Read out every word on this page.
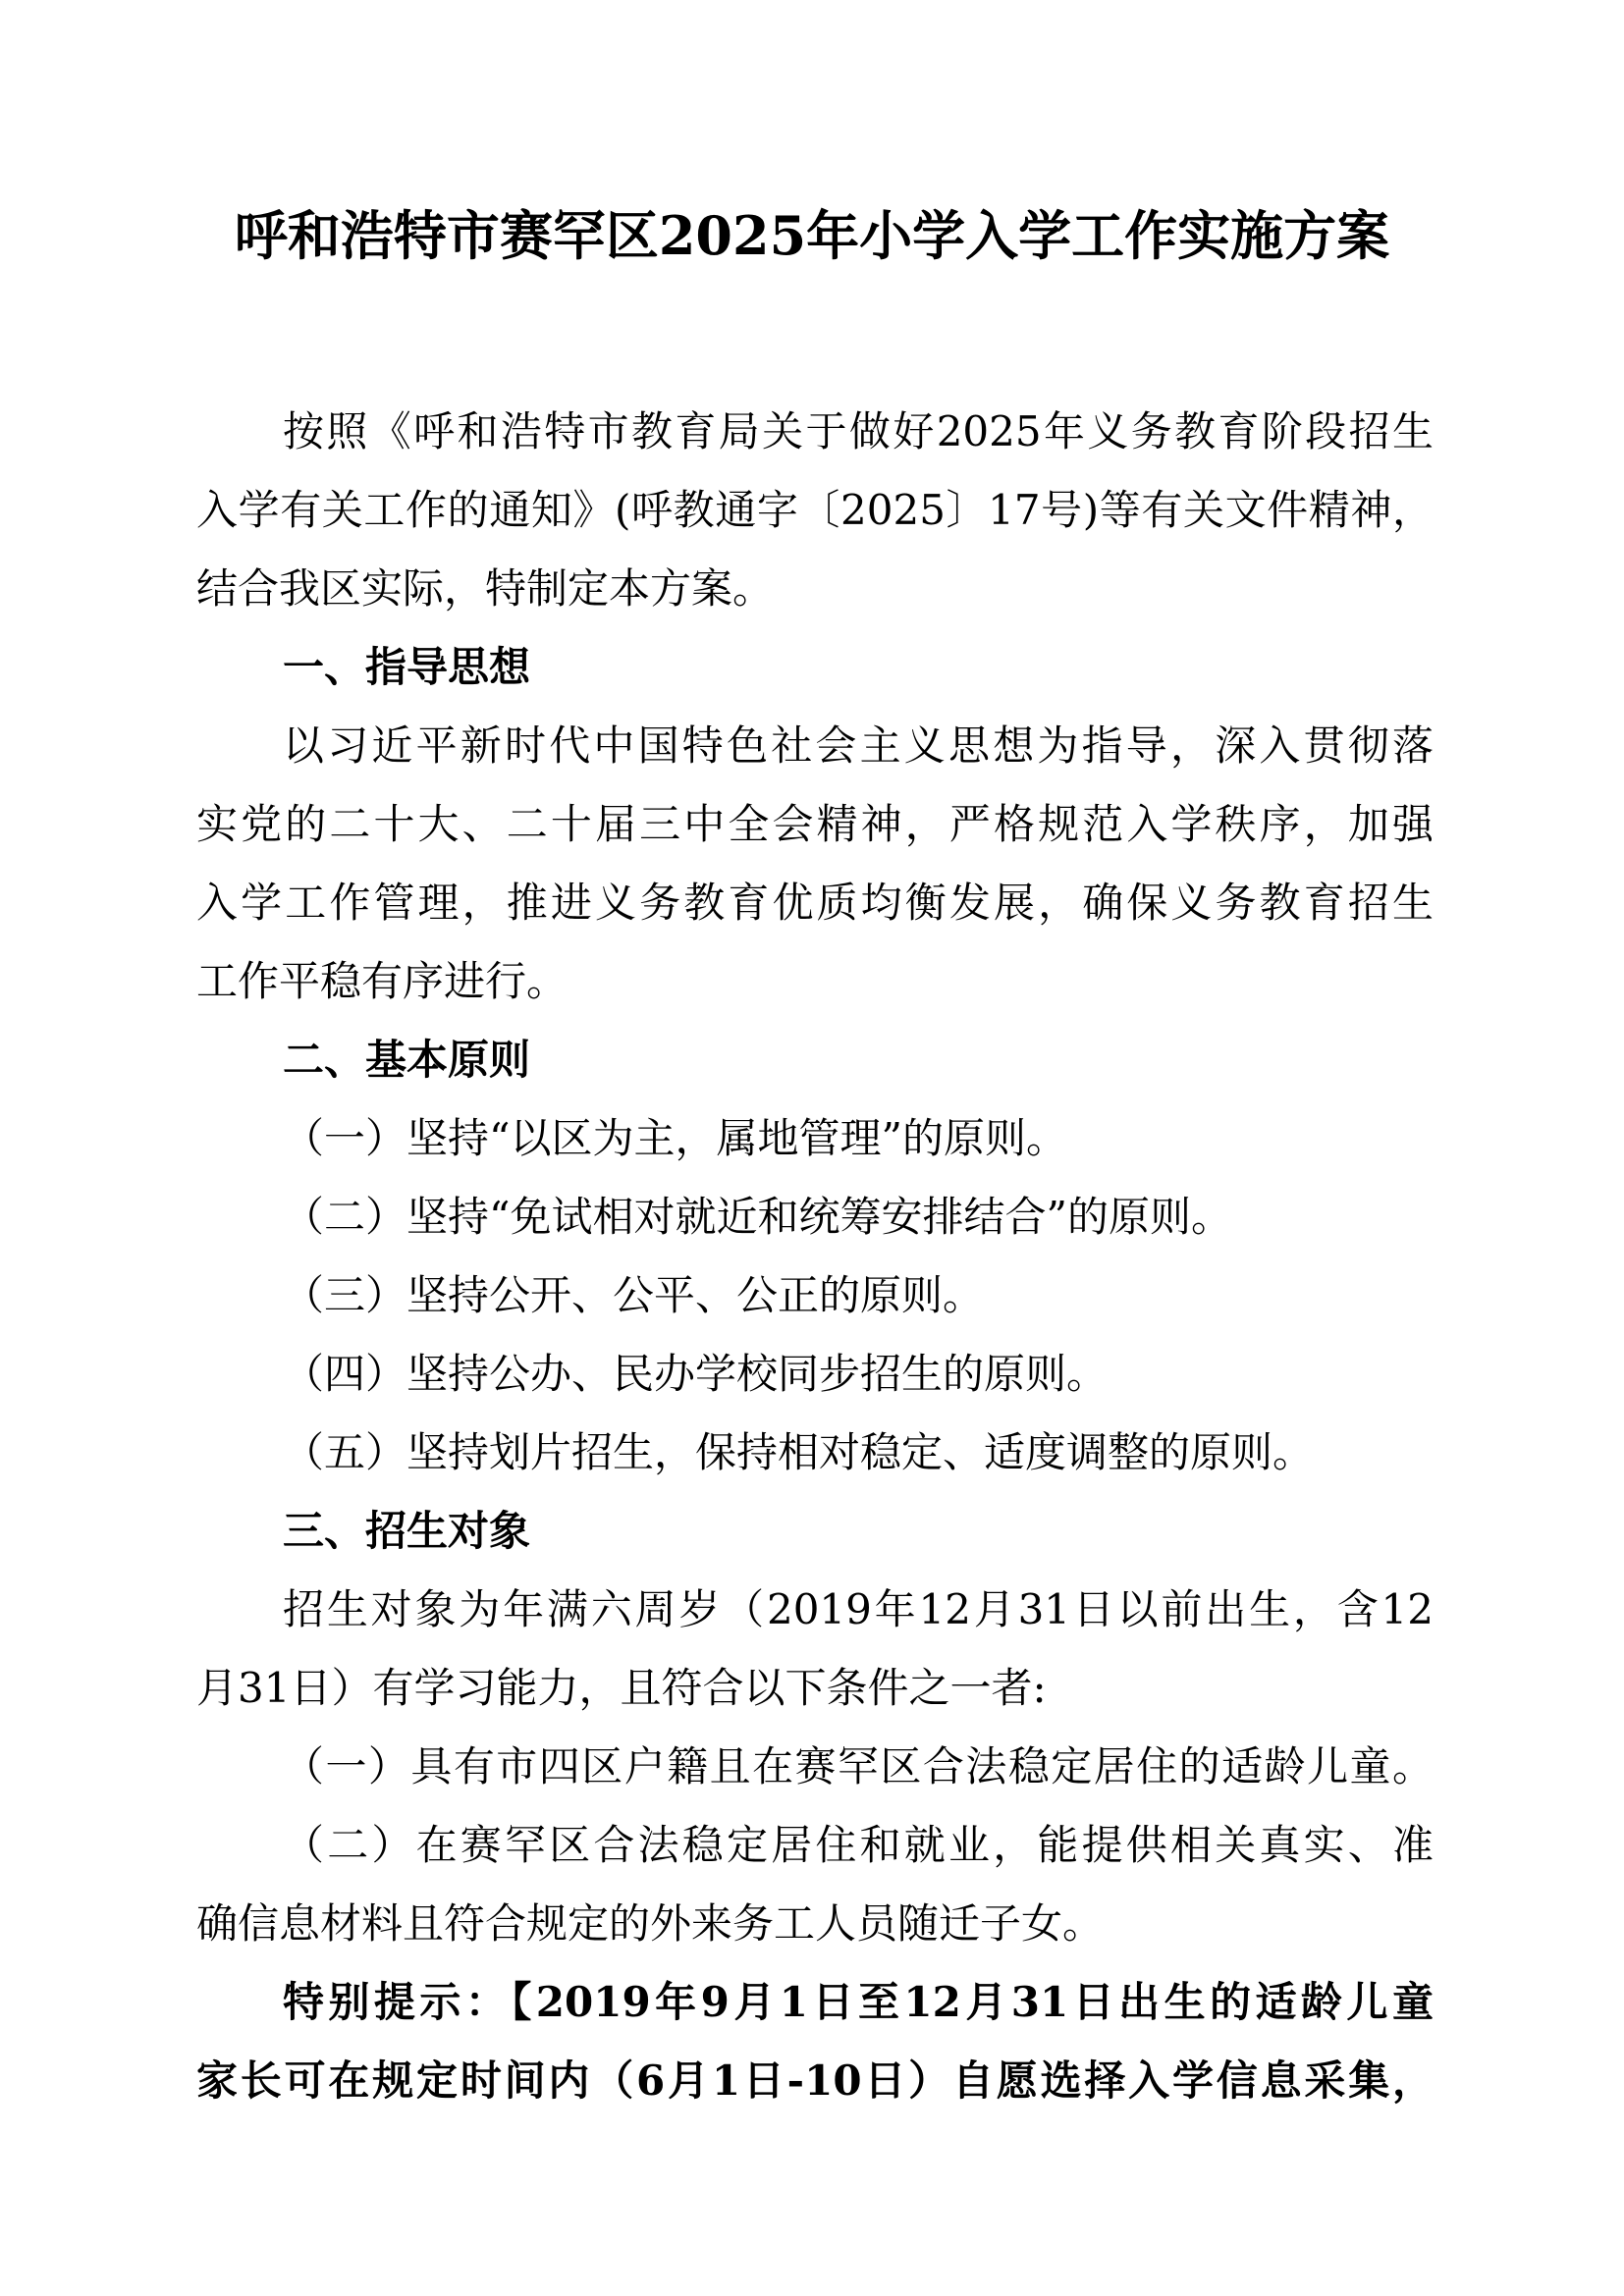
呼和浩特市赛罕区2025年小学入学工作实施方案
按照《呼和浩特市教育局关于做好2025年义务教育阶段招生
入学有关工作的通知》(呼教通字〔2025〕17号)等有关文件精神，
结合我区实际，特制定本方案。
一、指导思想
以习近平新时代中国特色社会主义思想为指导，深入贯彻落
实党的二十大、二十届三中全会精神，严格规范入学秩序，加强
入学工作管理，推进义务教育优质均衡发展，确保义务教育招生
工作平稳有序进行。
二、基本原则
（一）坚持“以区为主，属地管理”的原则。
（二）坚持“免试相对就近和统筹安排结合”的原则。
（三）坚持公开、公平、公正的原则。
（四）坚持公办、民办学校同步招生的原则。
（五）坚持划片招生，保持相对稳定、适度调整的原则。
三、招生对象
招生对象为年满六周岁（2019年12月31日以前出生，含12
月31日）有学习能力，且符合以下条件之一者:
（一）具有市四区户籍且在赛罕区合法稳定居住的适龄儿童。
（二）在赛罕区合法稳定居住和就业，能提供相关真实、准
确信息材料且符合规定的外来务工人员随迁子女。
特别提示：【2019年9月1日至12月31日出生的适龄儿童
家长可在规定时间内（6月1日-10日）自愿选择入学信息采集，
